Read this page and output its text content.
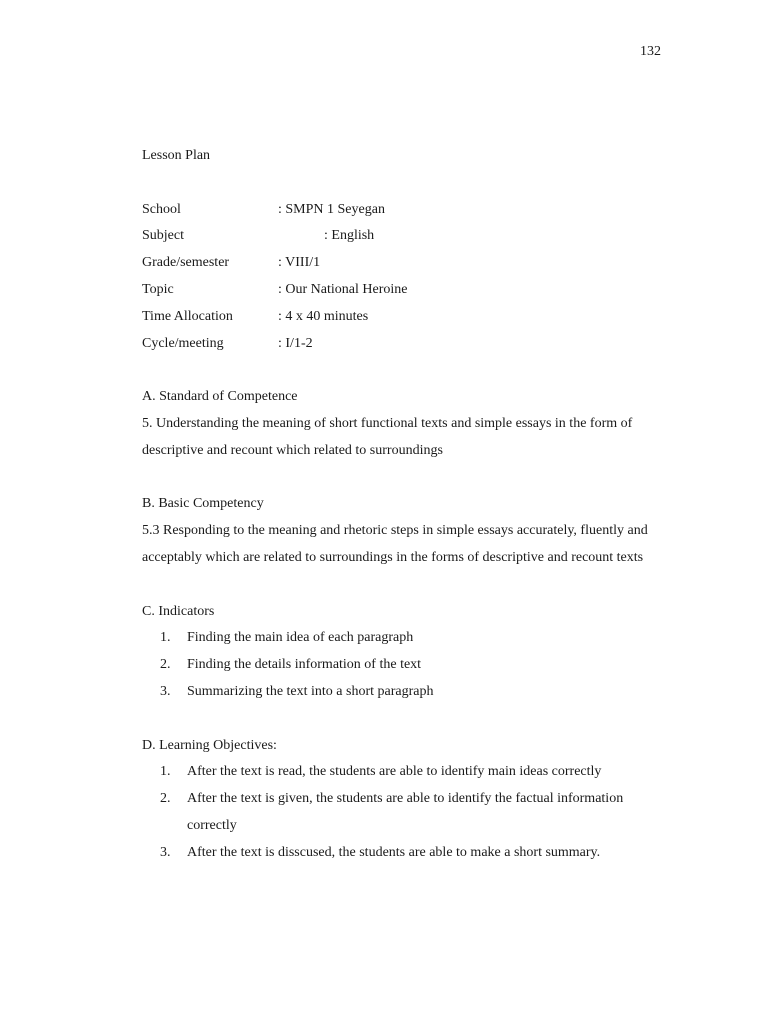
132

Lesson Plan

School	: SMPN 1 Seyegan
Subject	: English
Grade/semester	: VIII/1
Topic	: Our National Heroine
Time Allocation	: 4 x 40 minutes
Cycle/meeting	: I/1-2

A. Standard of Competence

5. Understanding the meaning of short functional texts and simple essays in the form of descriptive and recount which related to surroundings

B. Basic Competency

5.3 Responding to the meaning and rhetoric steps in simple essays accurately, fluently and acceptably which are related to surroundings in the forms of descriptive and recount texts

C. Indicators

1.	Finding the main idea of each paragraph
2.	Finding the details information of the text
3.	Summarizing the text into a short paragraph

D. Learning Objectives:

1.	After the text is read, the students are able to identify main ideas correctly
2.	After the text is given, the students are able to identify the factual information correctly
3.	After the text is disscused, the students are able to make a short summary.
